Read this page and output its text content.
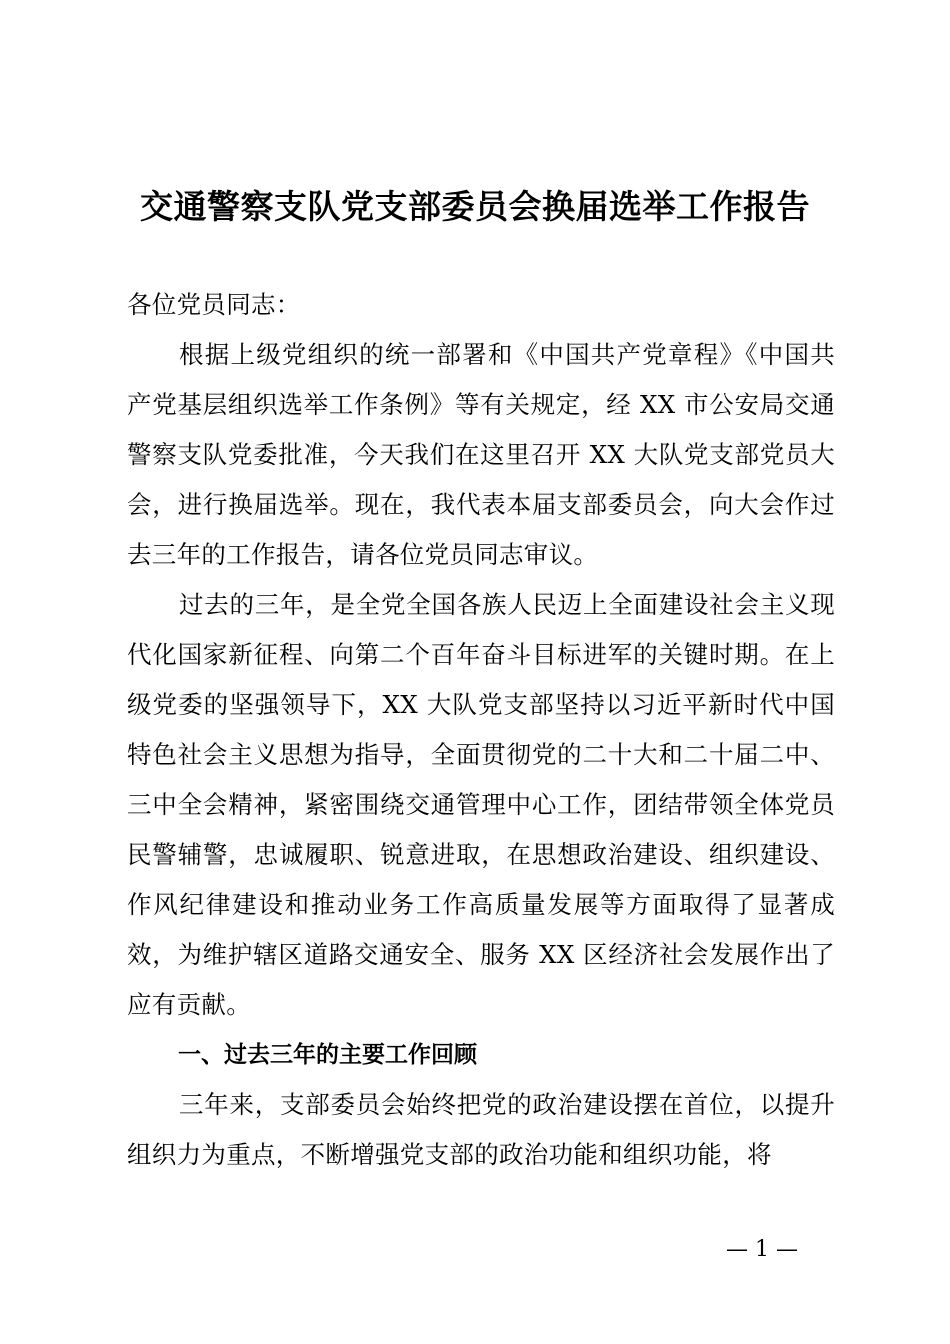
交通警察支队党支部委员会换届选举工作报告

各位党员同志：

根据上级党组织的统一部署和《中国共产党章程》《中国共产党基层组织选举工作条例》等有关规定，经 XX 市公安局交通警察支队党委批准，今天我们在这里召开 XX 大队党支部党员大会，进行换届选举。现在，我代表本届支部委员会，向大会作过去三年的工作报告，请各位党员同志审议。

过去的三年，是全党全国各族人民迈上全面建设社会主义现代化国家新征程、向第二个百年奋斗目标进军的关键时期。在上级党委的坚强领导下，XX 大队党支部坚持以习近平新时代中国特色社会主义思想为指导，全面贯彻党的二十大和二十届二中、三中全会精神，紧密围绕交通管理中心工作，团结带领全体党员民警辅警，忠诚履职、锐意进取，在思想政治建设、组织建设、作风纪律建设和推动业务工作高质量发展等方面取得了显著成效，为维护辖区道路交通安全、服务 XX 区经济社会发展作出了应有贡献。

一、过去三年的主要工作回顾

三年来，支部委员会始终把党的政治建设摆在首位，以提升组织力为重点，不断增强党支部的政治功能和组织功能，将

— 1 —
